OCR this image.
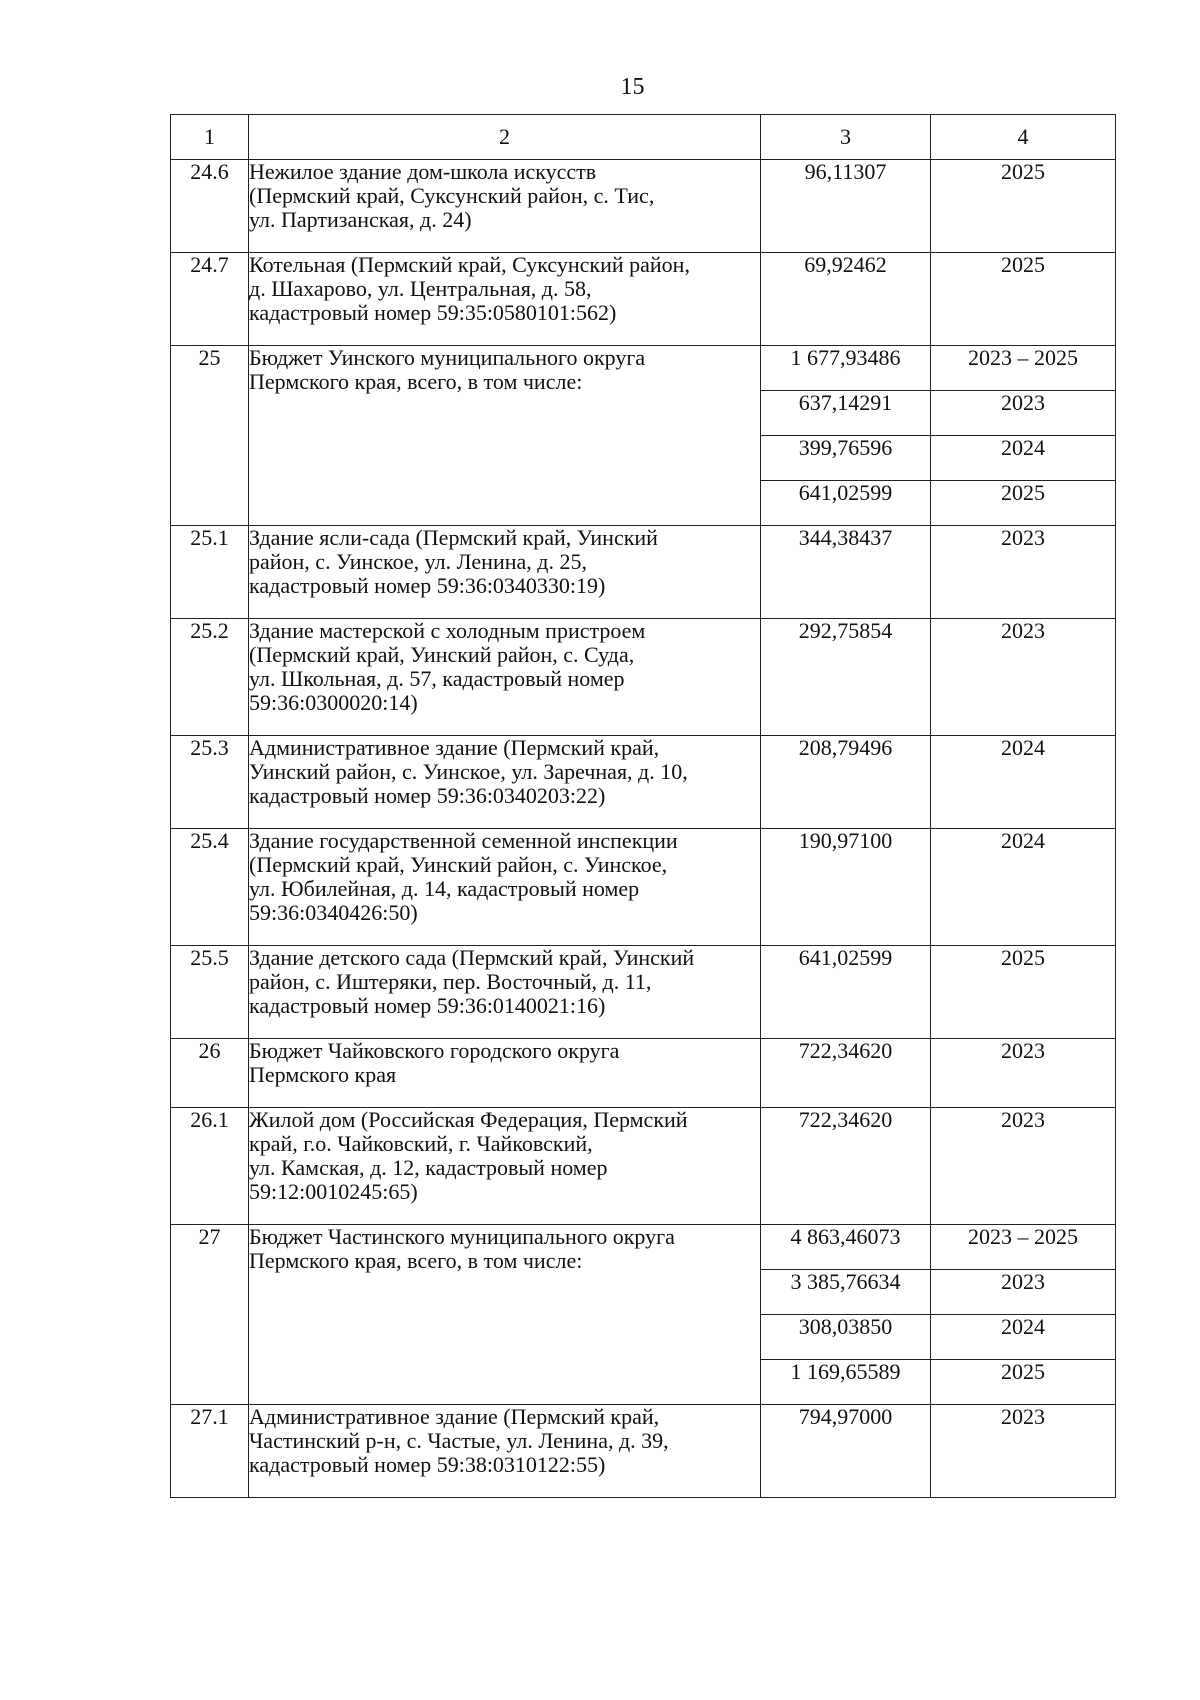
15
1	2	3	4
24.6	Нежилое здание дом-школа искусств
(Пермский край, Суксунский район, с. Тис,
ул. Партизанская, д. 24)	96,11307	2025
24.7	Котельная (Пермский край, Суксунский район,
д. Шахарово, ул. Центральная, д. 58,
кадастровый номер 59:35:0580101:562)	69,92462	2025
25	Бюджет Уинского муниципального округа
Пермского края, всего, в том числе:	1 677,93486	2023 – 2025
		637,14291	2023
		399,76596	2024
		641,02599	2025
25.1	Здание ясли-сада (Пермский край, Уинский
район, с. Уинское, ул. Ленина, д. 25,
кадастровый номер 59:36:0340330:19)	344,38437	2023
25.2	Здание мастерской с холодным пристроем
(Пермский край, Уинский район, с. Суда,
ул. Школьная, д. 57, кадастровый номер
59:36:0300020:14)	292,75854	2023
25.3	Административное здание (Пермский край,
Уинский район, с. Уинское, ул. Заречная, д. 10,
кадастровый номер 59:36:0340203:22)	208,79496	2024
25.4	Здание государственной семенной инспекции
(Пермский край, Уинский район, с. Уинское,
ул. Юбилейная, д. 14, кадастровый номер
59:36:0340426:50)	190,97100	2024
25.5	Здание детского сада (Пермский край, Уинский
район, с. Иштеряки, пер. Восточный, д. 11,
кадастровый номер 59:36:0140021:16)	641,02599	2025
26	Бюджет Чайковского городского округа
Пермского края	722,34620	2023
26.1	Жилой дом (Российская Федерация, Пермский
край, г.о. Чайковский, г. Чайковский,
ул. Камская, д. 12, кадастровый номер
59:12:0010245:65)	722,34620	2023
27	Бюджет Частинского муниципального округа
Пермского края, всего, в том числе:	4 863,46073	2023 – 2025
		3 385,76634	2023
		308,03850	2024
		1 169,65589	2025
27.1	Административное здание (Пермский край,
Частинский р-н, с. Частые, ул. Ленина, д. 39,
кадастровый номер 59:38:0310122:55)	794,97000	2023
